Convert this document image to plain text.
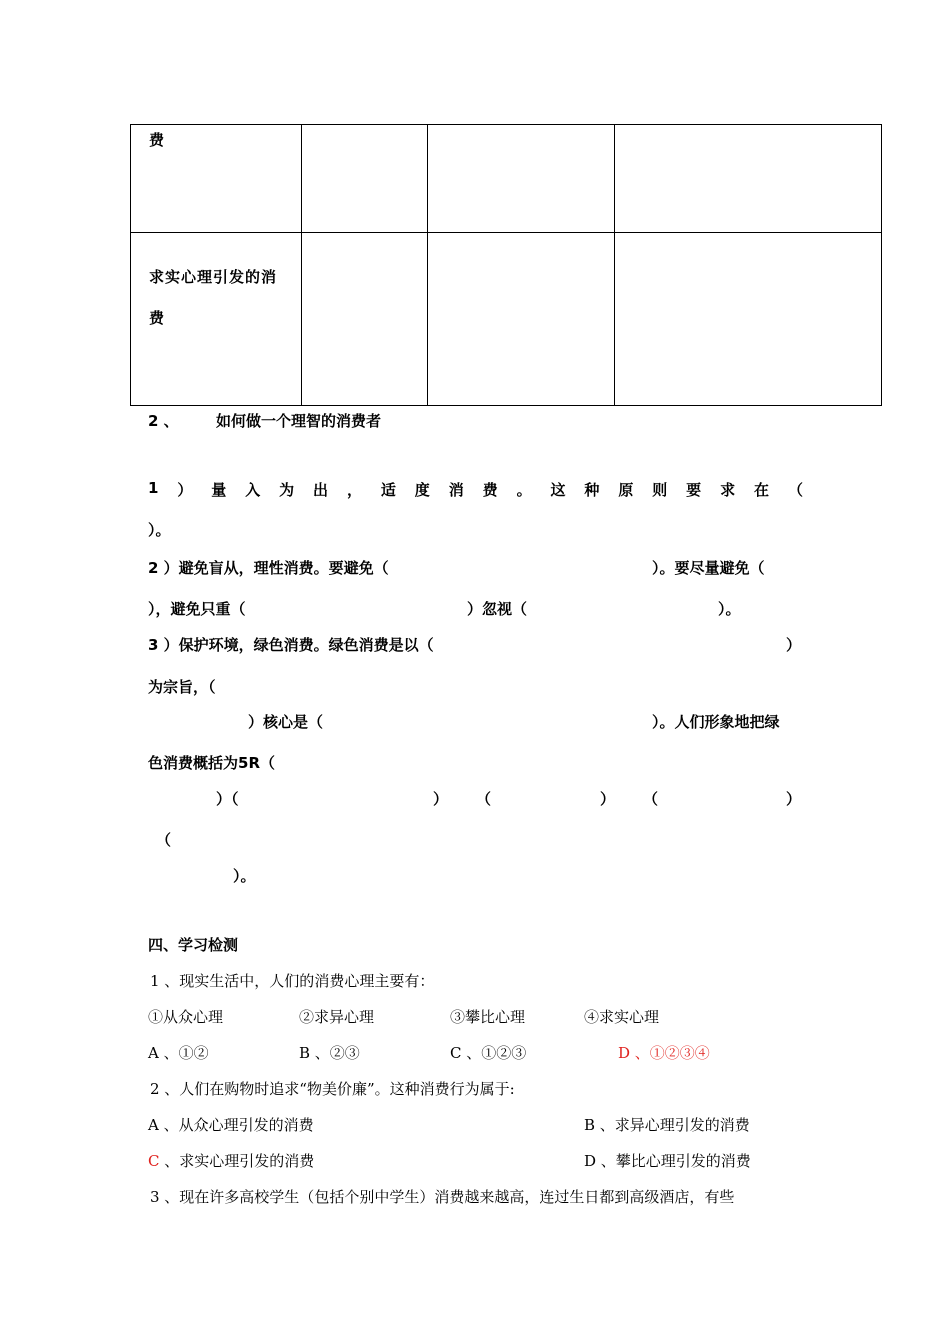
费			

求实心理引发的消
费			

2 、 如何做一个理智的消费者
1 ） 量 入 为 出 ， 适 度 消 费 。 这 种 原 则 要 求 在 （
）。
2 ）避免盲从，理性消费。要避免（	）。要尽量避免（
），避免只重（	）忽视（	）。
3 ）保护环境，绿色消费。绿色消费是以（	）
为宗旨，（
）核心是（	）。人们形象地把绿
色消费概括为5R（
）（	） （	） （	）
（
）。
四、学习检测
1 、现实生活中，人们的消费心理主要有：
①从众心理	②求异心理	③攀比心理	④求实心理
A 、①②	B 、②③	C 、①②③	D 、①②③④
2 、人们在购物时追求“物美价廉”。这种消费行为属于:
A 、从众心理引发的消费	B 、求异心理引发的消费
C 、求实心理引发的消费	D 、攀比心理引发的消费
3 、现在许多高校学生（包括个别中学生）消费越来越高，连过生日都到高级酒店，有些
